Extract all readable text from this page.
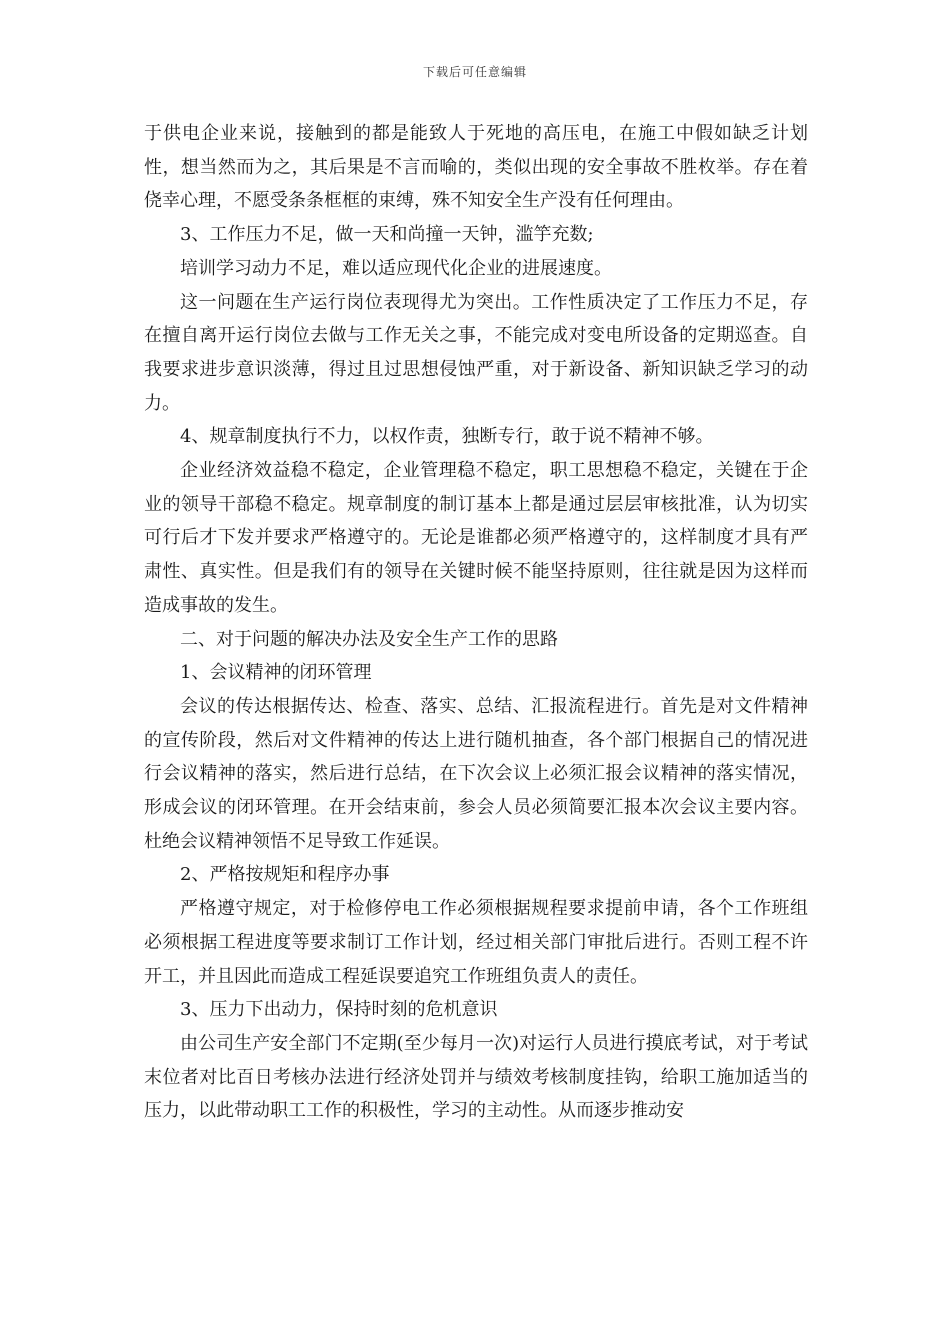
下载后可任意编辑

于供电企业来说，接触到的都是能致人于死地的高压电，在施工中假如缺乏计划性，想当然而为之，其后果是不言而喻的，类似出现的安全事故不胜枚举。存在着侥幸心理，不愿受条条框框的束缚，殊不知安全生产没有任何理由。

3、工作压力不足，做一天和尚撞一天钟，滥竽充数;

培训学习动力不足，难以适应现代化企业的进展速度。

这一问题在生产运行岗位表现得尤为突出。工作性质决定了工作压力不足，存在擅自离开运行岗位去做与工作无关之事，不能完成对变电所设备的定期巡查。自我要求进步意识淡薄，得过且过思想侵蚀严重，对于新设备、新知识缺乏学习的动力。

4、规章制度执行不力，以权作责，独断专行，敢于说不精神不够。

企业经济效益稳不稳定，企业管理稳不稳定，职工思想稳不稳定，关键在于企业的领导干部稳不稳定。规章制度的制订基本上都是通过层层审核批准，认为切实可行后才下发并要求严格遵守的。无论是谁都必须严格遵守的，这样制度才具有严肃性、真实性。但是我们有的领导在关键时候不能坚持原则，往往就是因为这样而造成事故的发生。

二、对于问题的解决办法及安全生产工作的思路

1、会议精神的闭环管理

会议的传达根据传达、检查、落实、总结、汇报流程进行。首先是对文件精神的宣传阶段，然后对文件精神的传达上进行随机抽查，各个部门根据自己的情况进行会议精神的落实，然后进行总结，在下次会议上必须汇报会议精神的落实情况，形成会议的闭环管理。在开会结束前，参会人员必须简要汇报本次会议主要内容。杜绝会议精神领悟不足导致工作延误。

2、严格按规矩和程序办事

严格遵守规定，对于检修停电工作必须根据规程要求提前申请，各个工作班组必须根据工程进度等要求制订工作计划，经过相关部门审批后进行。否则工程不许开工，并且因此而造成工程延误要追究工作班组负责人的责任。

3、压力下出动力，保持时刻的危机意识

由公司生产安全部门不定期(至少每月一次)对运行人员进行摸底考试，对于考试末位者对比百日考核办法进行经济处罚并与绩效考核制度挂钩，给职工施加适当的压力，以此带动职工工作的积极性，学习的主动性。从而逐步推动安
